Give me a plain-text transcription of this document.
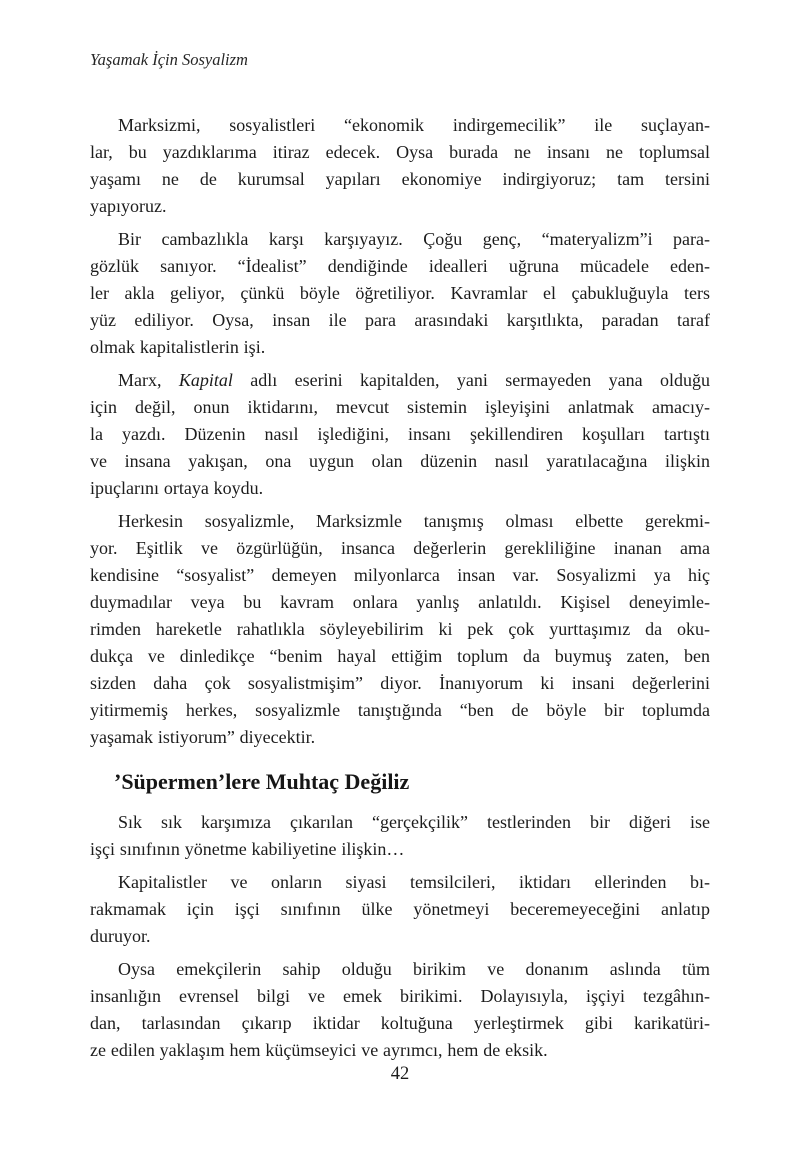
Yaşamak İçin Sosyalizm
Marksizmi, sosyalistleri “ekonomik indirgemecilik” ile suçlayan-
lar, bu yazdıklarıma itiraz edecek. Oysa burada ne insanı ne toplumsal
yaşamı ne de kurumsal yapıları ekonomiye indirgiyoruz; tam tersini
yapıyoruz.
Bir cambazlıkla karşı karşıyayız. Çoğu genç, “materyalizm”i para-
gözlük sanıyor. “İdealist” dendiğinde idealleri uğruna mücadele eden-
ler akla geliyor, çünkü böyle öğretiliyor. Kavramlar el çabukluğuyla ters
yüz ediliyor. Oysa, insan ile para arasındaki karşıtlıkta, paradan taraf
olmak kapitalistlerin işi.
Marx, Kapital adlı eserini kapitalden, yani sermayeden yana olduğu
için değil, onun iktidarını, mevcut sistemin işleyişini anlatmak amacıy-
la yazdı. Düzenin nasıl işlediğini, insanı şekillendiren koşulları tartıştı
ve insana yakışan, ona uygun olan düzenin nasıl yaratılacağına ilişkin
ipuçlarını ortaya koydu.
Herkesin sosyalizmle, Marksizmle tanışmış olması elbette gerekmi-
yor. Eşitlik ve özgürlüğün, insanca değerlerin gerekliliğine inanan ama
kendisine “sosyalist” demeyen milyonlarca insan var. Sosyalizmi ya hiç
duymadılar veya bu kavram onlara yanlış anlatıldı. Kişisel deneyimle-
rimden hareketle rahatlıkla söyleyebilirim ki pek çok yurttaşımız da oku-
dukça ve dinledikçe “benim hayal ettiğim toplum da buymuş zaten, ben
sizden daha çok sosyalistmişim” diyor. İnanıyorum ki insani değerlerini
yitirmemiş herkes, sosyalizmle tanıştığında “ben de böyle bir toplumda
yaşamak istiyorum” diyecektir.
’Süpermen’lere Muhtaç Değiliz
Sık sık karşımıza çıkarılan “gerçekçilik” testlerinden bir diğeri ise
işçi sınıfının yönetme kabiliyetine ilişkin…
Kapitalistler ve onların siyasi temsilcileri, iktidarı ellerinden bı-
rakmamak için işçi sınıfının ülke yönetmeyi beceremeyeceğini anlatıp
duruyor.
Oysa emekçilerin sahip olduğu birikim ve donanım aslında tüm
insanlığın evrensel bilgi ve emek birikimi. Dolayısıyla, işçiyi tezgâhın-
dan, tarlasından çıkarıp iktidar koltuğuna yerleştirmek gibi karikatüri-
ze edilen yaklaşım hem küçümseyici ve ayrımcı, hem de eksik.
42
